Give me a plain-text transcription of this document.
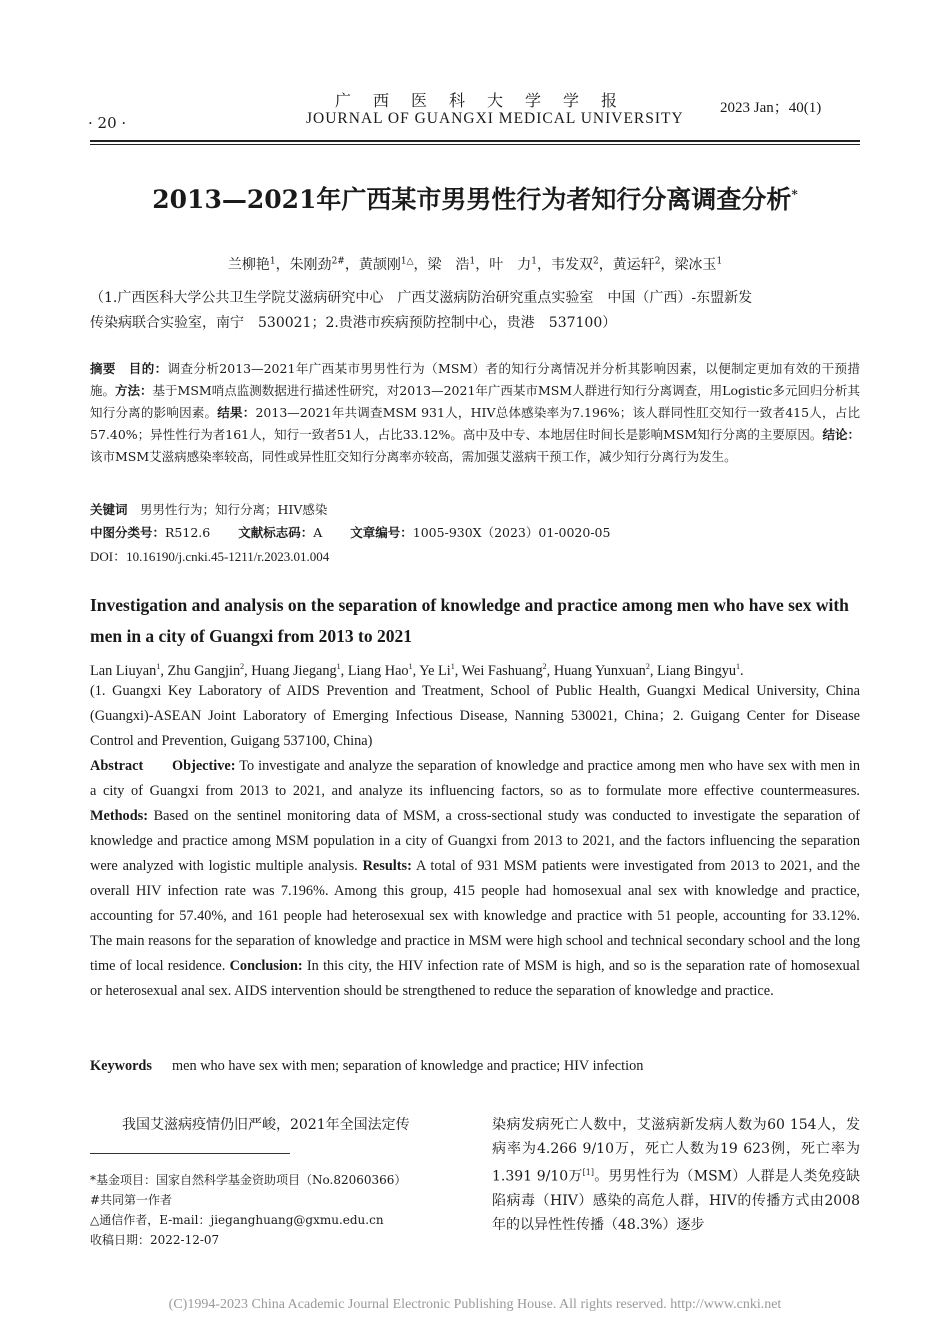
· 20 ·
广西医科大学学报
JOURNAL OF GUANGXI MEDICAL UNIVERSITY
2023 Jan；40(1)
2013—2021年广西某市男男性行为者知行分离调查分析*
兰柳艳$^1$，朱刚劲$^{2\#}$，黄颉刚$^{1\triangle}$，梁　浩$^1$，叶　力$^1$，韦发双$^2$，黄运轩$^2$，梁冰玉$^1$
（1.广西医科大学公共卫生学院艾滋病研究中心　广西艾滋病防治研究重点实验室　中国（广西）-东盟新发
传染病联合实验室，南宁　530021；2.贵港市疾病预防控制中心，贵港　537100）
摘要　 目的：调查分析2013—2021年广西某市男男性行为（MSM）者的知行分离情况并分析其影响因素，以便制定更加有效的干预措施。方法：基于MSM哨点监测数据进行描述性研究，对2013—2021年广西某市MSM人群进行知行分离调查，用Logistic多元回归分析其知行分离的影响因素。结果：2013—2021年共调查MSM 931人，HIV总体感染率为7.196%；该人群同性肛交知行一致者415人，占比57.40%；异性性行为者161人，知行一致者51人，占比33.12%。高中及中专、本地居住时间长是影响MSM知行分离的主要原因。结论：该市MSM艾滋病感染率较高，同性或异性肛交知行分离率亦较高，需加强艾滋病干预工作，减少知行分离行为发生。
关键词　 男男性行为；知行分离；HIV感染
中图分类号：R512.6 文献标志码：A 文章编号：1005-930X（2023）01-0020-05
DOI：10.16190/j.cnki.45-1211/r.2023.01.004
Investigation and analysis on the separation of knowledge and practice among men who have sex with men in a city of Guangxi from 2013 to 2021
Lan Liuyan$^1$, Zhu Gangjin$^2$, Huang Jiegang$^1$, Liang Hao$^1$, Ye Li$^1$, Wei Fashuang$^2$, Huang Yunxuan$^2$, Liang Bingyu$^1$.
(1. Guangxi Key Laboratory of AIDS Prevention and Treatment, School of Public Health, Guangxi Medical University, China (Guangxi)-ASEAN Joint Laboratory of Emerging Infectious Disease, Nanning 530021, China；2. Guigang Center for Disease Control and Prevention, Guigang 537100, China)
Abstract Objective: To investigate and analyze the separation of knowledge and practice among men who have sex with men in a city of Guangxi from 2013 to 2021, and analyze its influencing factors, so as to formulate more effective countermeasures. Methods: Based on the sentinel monitoring data of MSM, a cross-sectional study was conducted to investigate the separation of knowledge and practice among MSM population in a city of Guangxi from 2013 to 2021, and the factors influencing the separation were analyzed with logistic multiple analysis. Results: A total of 931 MSM patients were investigated from 2013 to 2021, and the overall HIV infection rate was 7.196%. Among this group, 415 people had homosexual anal sex with knowledge and practice, accounting for 57.40%, and 161 people had heterosexual sex with knowledge and practice with 51 people, accounting for 33.12%. The main reasons for the separation of knowledge and practice in MSM were high school and technical secondary school and the long time of local residence. Conclusion: In this city, the HIV infection rate of MSM is high, and so is the separation rate of homosexual or heterosexual anal sex. AIDS intervention should be strengthened to reduce the separation of knowledge and practice.
Keywords men who have sex with men; separation of knowledge and practice; HIV infection
我国艾滋病疫情仍旧严峻，2021年全国法定传
*基金项目：国家自然科学基金资助项目（No.82060366）
#共同第一作者
△通信作者，E-mail：jieganghuang@gxmu.edu.cn
收稿日期：2022-12-07
染病发病死亡人数中，艾滋病新发病人数为60 154人，发病率为4.266 9/10万，死亡人数为19 623例，死亡率为1.391 9/10万[1]。男男性行为（MSM）人群是人类免疫缺陷病毒（HIV）感染的高危人群，HIV的传播方式由2008年的以异性性传播（48.3%）逐步
(C)1994-2023 China Academic Journal Electronic Publishing House. All rights reserved. http://www.cnki.net
